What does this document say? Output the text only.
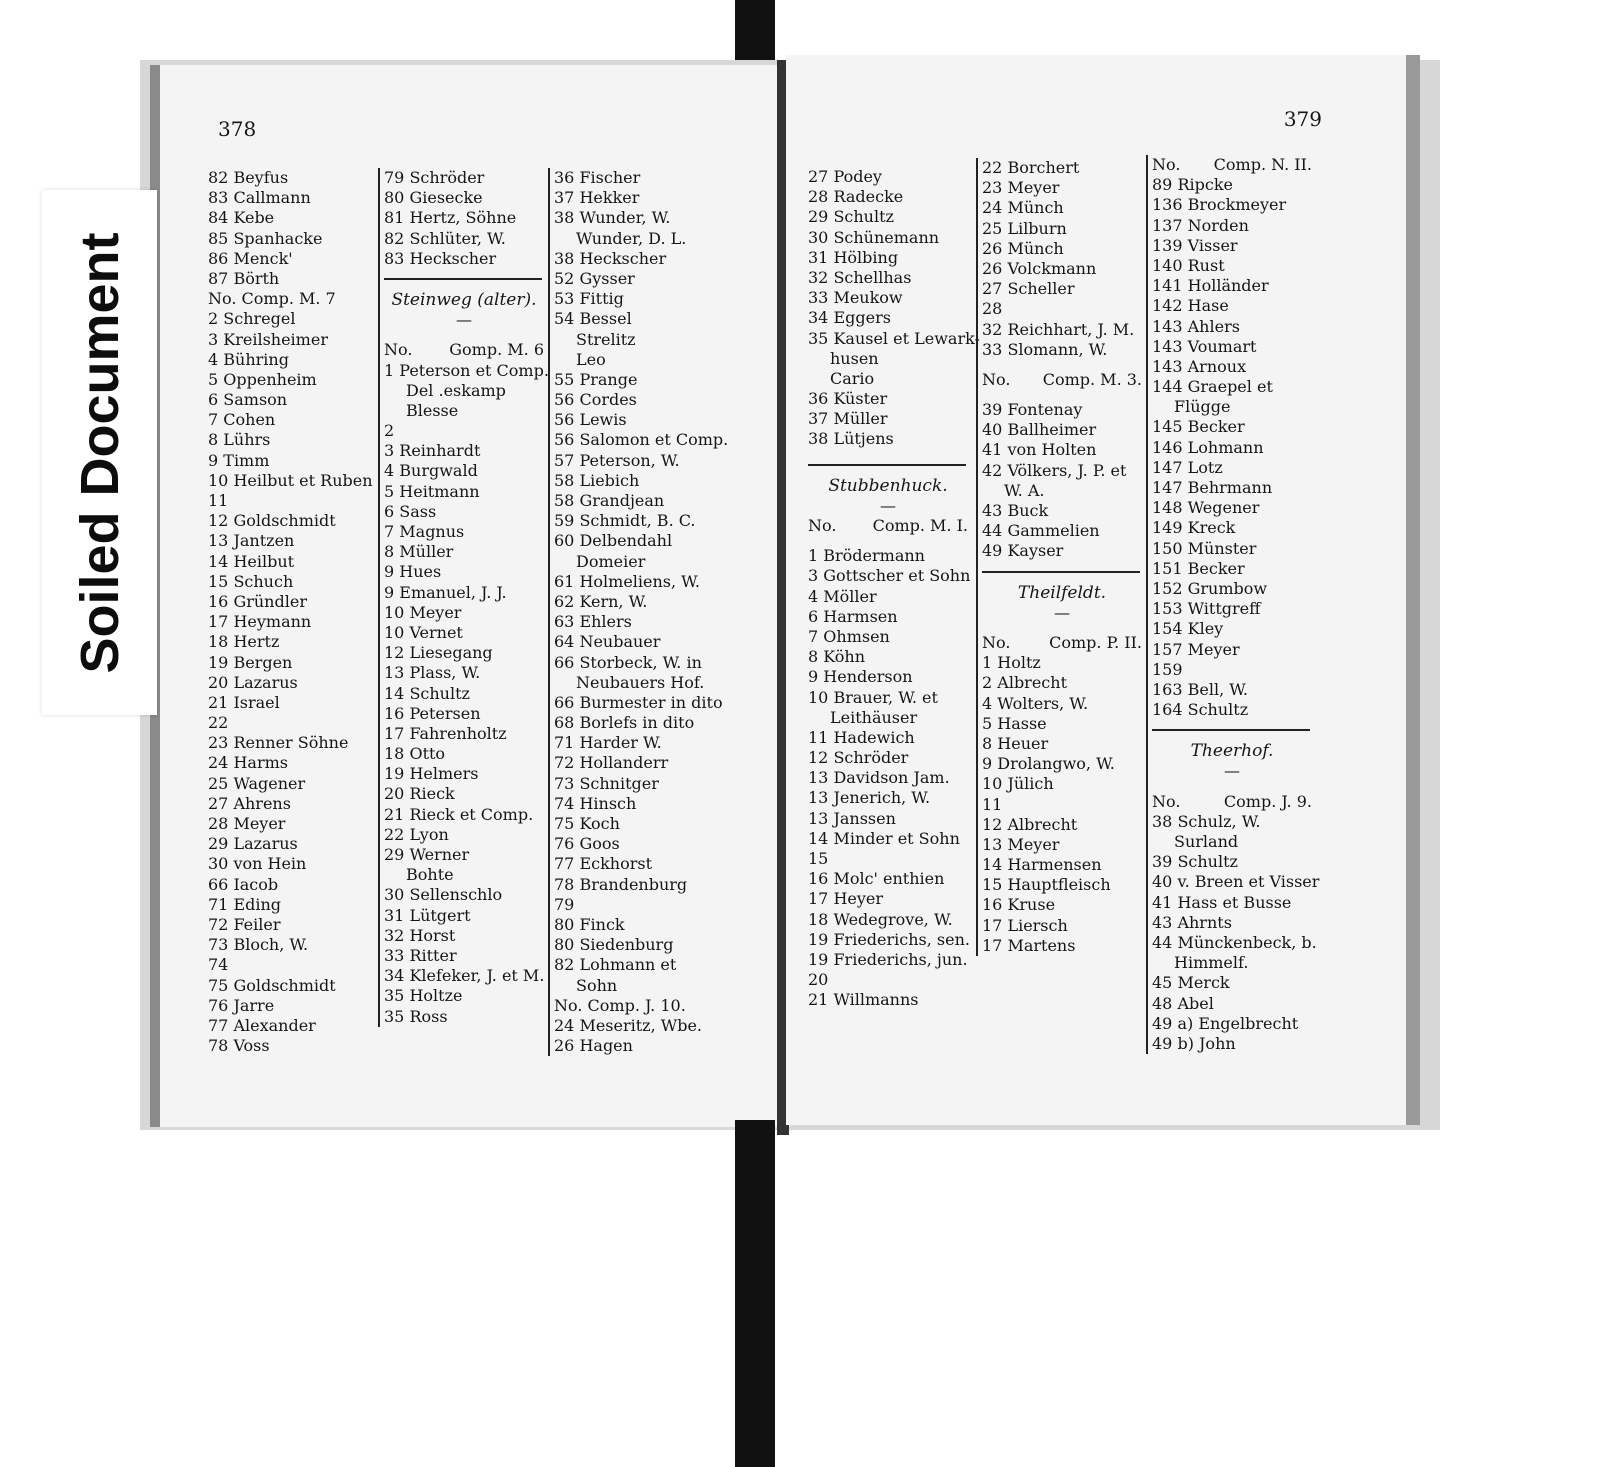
378
82 Beyfus
83 Callmann
84 Kebe
85 Spanhacke
86 Menck'
87 Börth
No. Comp. M. 7
2 Schregel
3 Kreilsheimer
4 Bühring
5 Oppenheim
6 Samson
7 Cohen
8 Lührs
9 Timm
10 Heilbut et Ruben
11
12 Goldschmidt
13 Jantzen
14 Heilbut
15 Schuch
16 Gründler
17 Heymann
18 Hertz
19 Bergen
20 Lazarus
21 Israel
22
23 Renner Söhne
24 Harms
25 Wagener
27 Ahrens
28 Meyer
29 Lazarus
30 von Hein
66 Iacob
71 Eding
72 Feiler
73 Bloch, W.
74
75 Goldschmidt
76 Jarre
77 Alexander
78 Voss
79 Schröder
80 Giesecke
81 Hertz, Söhne
82 Schlüter, W.
83 Heckscher
Steinweg (alter).
—
No. Gomp. M. 6
1 Peterson et Comp.
Del .eskamp
Blesse
2
3 Reinhardt
4 Burgwald
5 Heitmann
6 Sass
7 Magnus
8 Müller
9 Hues
9 Emanuel, J. J.
10 Meyer
10 Vernet
12 Liesegang
13 Plass, W.
14 Schultz
16 Petersen
17 Fahrenholtz
18 Otto
19 Helmers
20 Rieck
21 Rieck et Comp.
22 Lyon
29 Werner
Bohte
30 Sellenschlo
31 Lütgert
32 Horst
33 Ritter
34 Klefeker, J. et M.
35 Holtze
35 Ross
36 Fischer
37 Hekker
38 Wunder, W.
Wunder, D. L.
38 Heckscher
52 Gysser
53 Fittig
54 Bessel
Strelitz
Leo
55 Prange
56 Cordes
56 Lewis
56 Salomon et Comp.
57 Peterson, W.
58 Liebich
58 Grandjean
59 Schmidt, B. C.
60 Delbendahl
Domeier
61 Holmeliens, W.
62 Kern, W.
63 Ehlers
64 Neubauer
66 Storbeck, W. in
Neubauers Hof.
66 Burmester in dito
68 Borlefs in dito
71 Harder W.
72 Hollanderr
73 Schnitger
74 Hinsch
75 Koch
76 Goos
77 Eckhorst
78 Brandenburg
79
80 Finck
80 Siedenburg
82 Lohmann et
Sohn
No. Comp. J. 10.
24 Meseritz, Wbe.
26 Hagen
379
27 Podey
28 Radecke
29 Schultz
30 Schünemann
31 Hölbing
32 Schellhas
33 Meukow
34 Eggers
35 Kausel et Lewark-
husen
Cario
36 Küster
37 Müller
38 Lütjens
Stubbenhuck.
—
No. Comp. M. I.
1 Brödermann
3 Gottscher et Sohn
4 Möller
6 Harmsen
7 Ohmsen
8 Köhn
9 Henderson
10 Brauer, W. et
Leithäuser
11 Hadewich
12 Schröder
13 Davidson Jam.
13 Jenerich, W.
13 Janssen
14 Minder et Sohn
15
16 Molc' enthien
17 Heyer
18 Wedegrove, W.
19 Friederichs, sen.
19 Friederichs, jun.
20
21 Willmanns
22 Borchert
23 Meyer
24 Münch
25 Lilburn
26 Münch
26 Volckmann
27 Scheller
28
32 Reichhart, J. M.
33 Slomann, W.
No. Comp. M. 3.
39 Fontenay
40 Ballheimer
41 von Holten
42 Völkers, J. P. et
W. A.
43 Buck
44 Gammelien
49 Kayser
Theilfeldt.
—
No. Comp. P. II.
1 Holtz
2 Albrecht
4 Wolters, W.
5 Hasse
8 Heuer
9 Drolangwo, W.
10 Jülich
11
12 Albrecht
13 Meyer
14 Harmensen
15 Hauptfleisch
16 Kruse
17 Liersch
17 Martens
No. Comp. N. II.
89 Ripcke
136 Brockmeyer
137 Norden
139 Visser
140 Rust
141 Holländer
142 Hase
143 Ahlers
143 Voumart
143 Arnoux
144 Graepel et
Flügge
145 Becker
146 Lohmann
147 Lotz
147 Behrmann
148 Wegener
149 Kreck
150 Münster
151 Becker
152 Grumbow
153 Wittgreff
154 Kley
157 Meyer
159
163 Bell, W.
164 Schultz
Theerhof.
—
No.	Comp. J. 9.
38 Schulz, W.
Surland
39 Schultz
40 v. Breen et Visser
41 Hass et Busse
43 Ahrnts
44 Münckenbeck, b.
Himmelf.
45 Merck
48 Abel
49 a) Engelbrecht
49 b) John
Soiled Document
